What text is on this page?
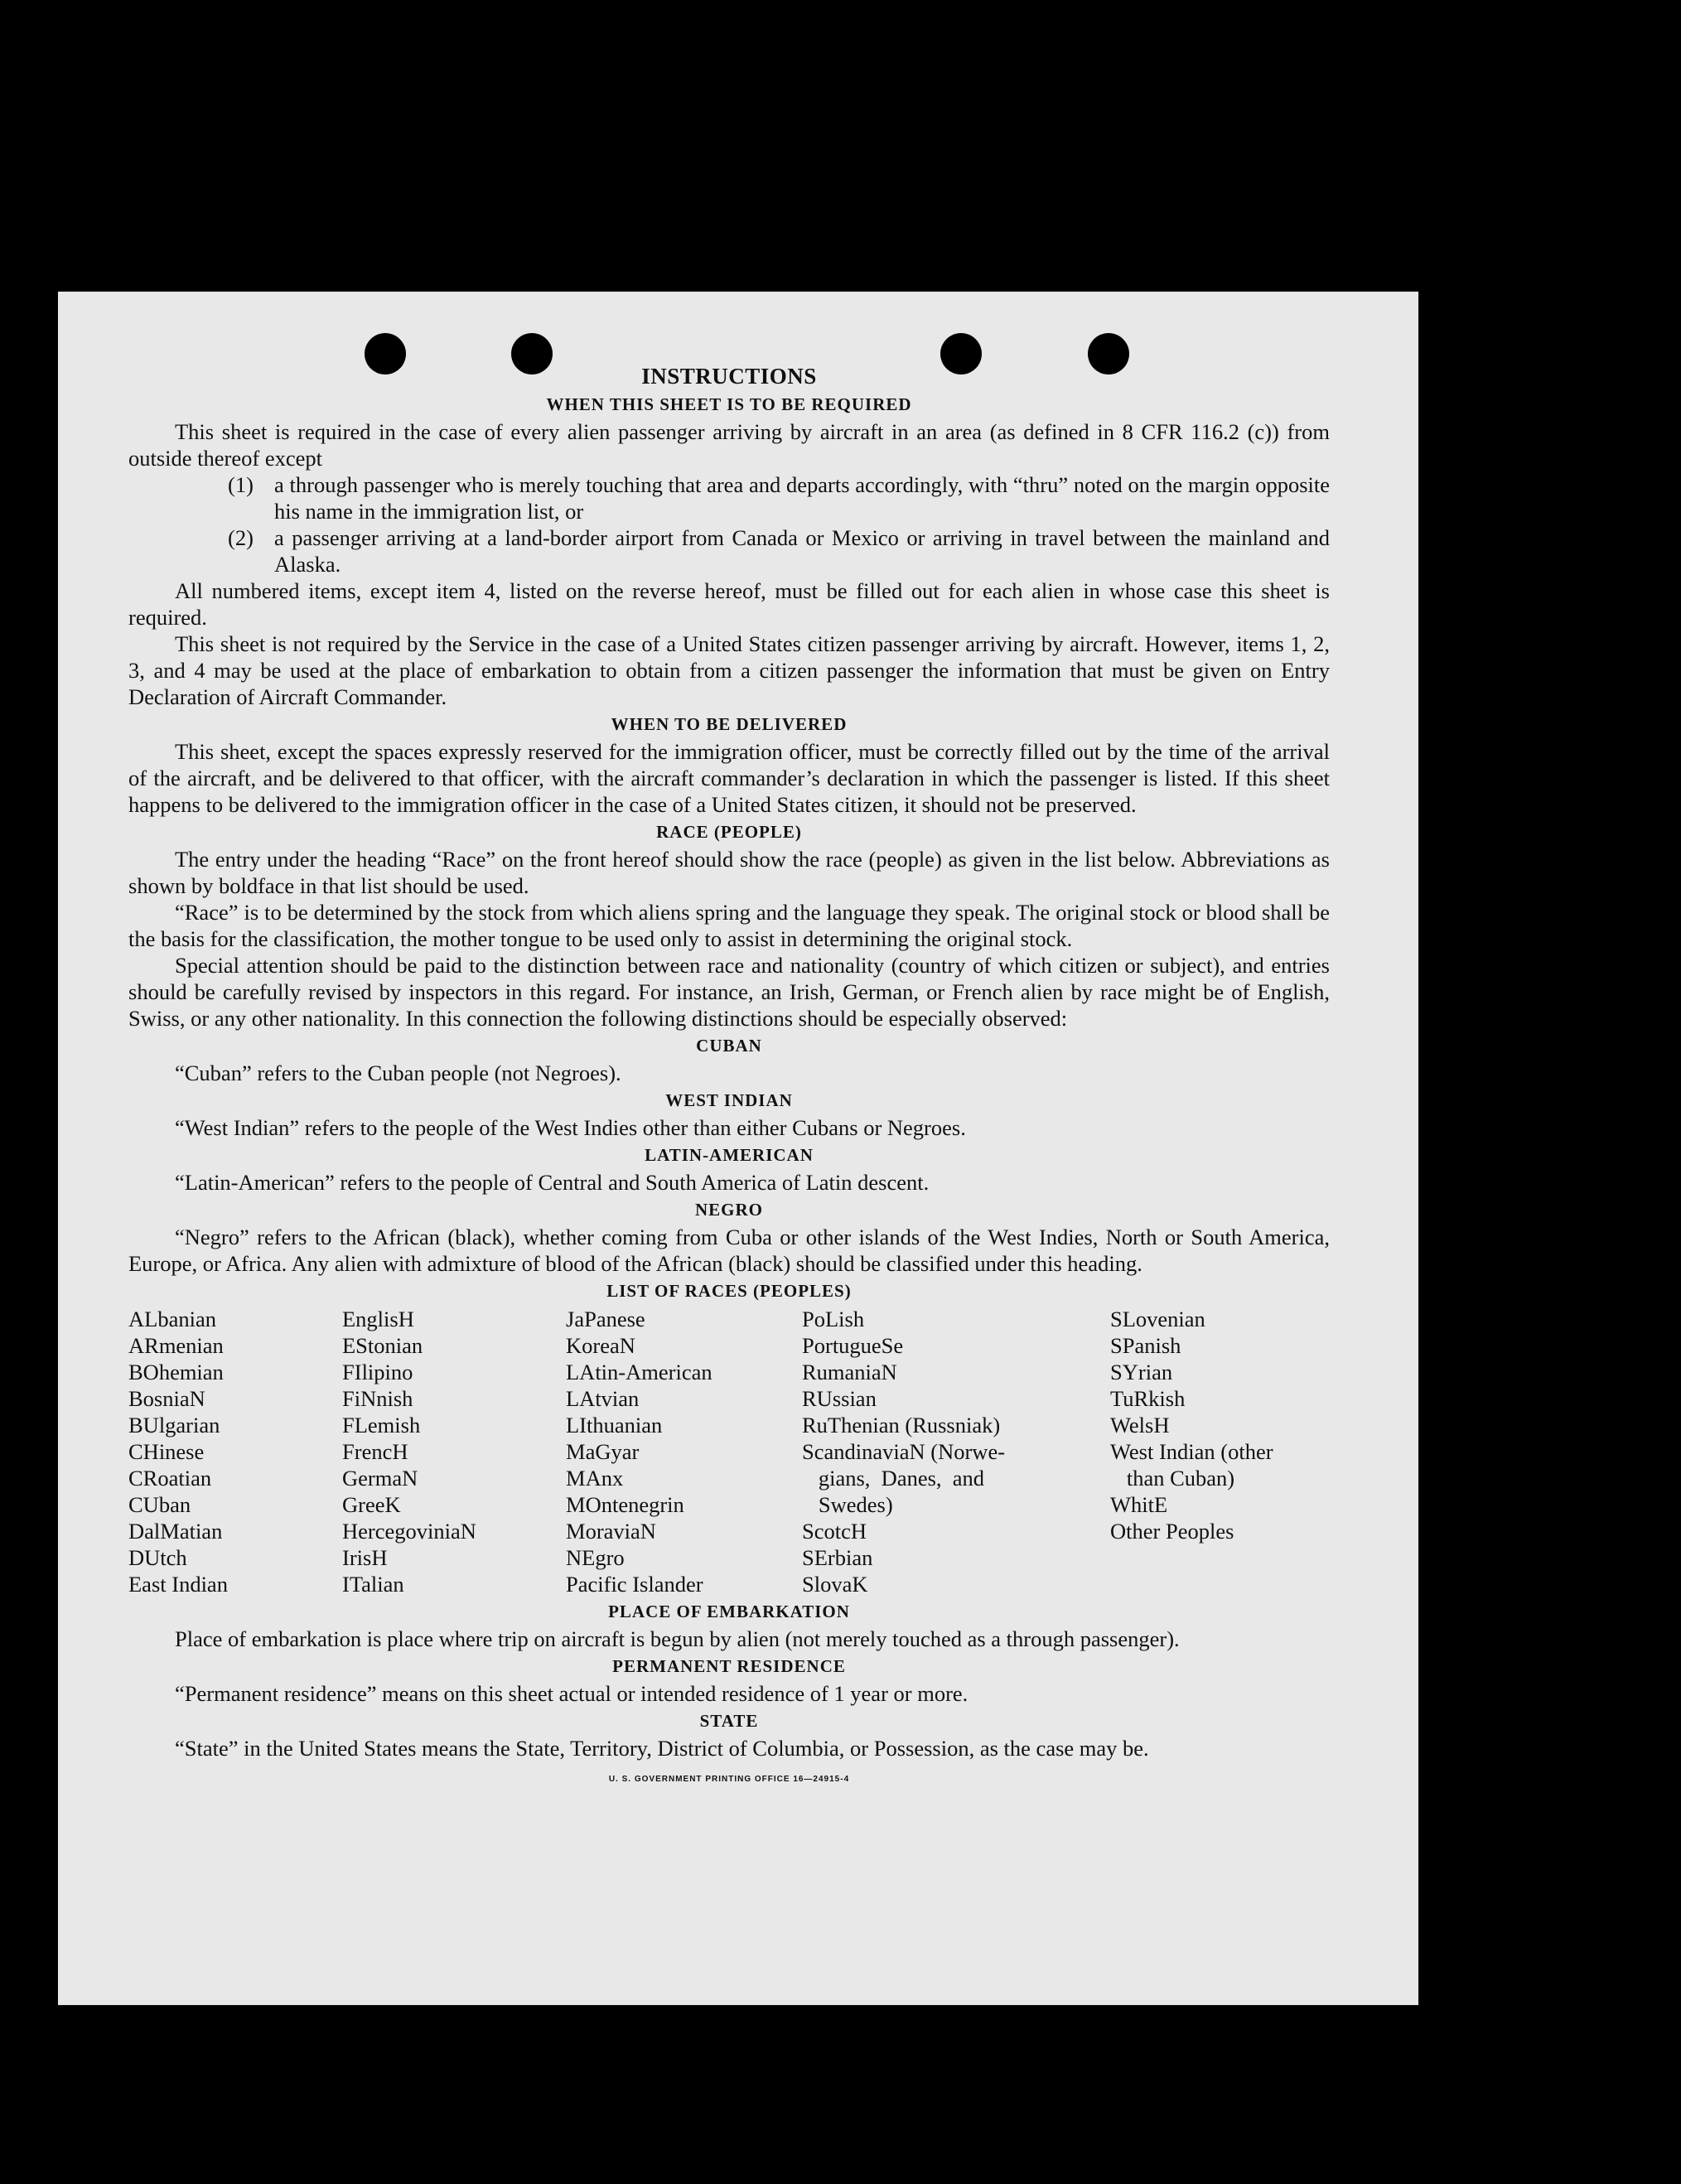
INSTRUCTIONS
WHEN THIS SHEET IS TO BE REQUIRED

This sheet is required in the case of every alien passenger arriving by aircraft in an area (as defined in 8 CFR 116.2 (c)) from outside thereof except

(1) a through passenger who is merely touching that area and departs accordingly, with “thru” noted on the margin opposite his name in the immigration list, or
(2) a passenger arriving at a land-border airport from Canada or Mexico or arriving in travel between the mainland and Alaska.

All numbered items, except item 4, listed on the reverse hereof, must be filled out for each alien in whose case this sheet is required.

This sheet is not required by the Service in the case of a United States citizen passenger arriving by aircraft. However, items 1, 2, 3, and 4 may be used at the place of embarkation to obtain from a citizen passenger the information that must be given on Entry Declaration of Aircraft Commander.

WHEN TO BE DELIVERED

This sheet, except the spaces expressly reserved for the immigration officer, must be correctly filled out by the time of the arrival of the aircraft, and be delivered to that officer, with the aircraft commander’s declaration in which the passenger is listed. If this sheet happens to be delivered to the immigration officer in the case of a United States citizen, it should not be preserved.

RACE (PEOPLE)

The entry under the heading “Race” on the front hereof should show the race (people) as given in the list below. Abbreviations as shown by boldface in that list should be used.

“Race” is to be determined by the stock from which aliens spring and the language they speak. The original stock or blood shall be the basis for the classification, the mother tongue to be used only to assist in determining the original stock.

Special attention should be paid to the distinction between race and nationality (country of which citizen or subject), and entries should be carefully revised by inspectors in this regard. For instance, an Irish, German, or French alien by race might be of English, Swiss, or any other nationality. In this connection the following distinctions should be especially observed:

CUBAN

“Cuban” refers to the Cuban people (not Negroes).

WEST INDIAN

“West Indian” refers to the people of the West Indies other than either Cubans or Negroes.

LATIN-AMERICAN

“Latin-American” refers to the people of Central and South America of Latin descent.

NEGRO

“Negro” refers to the African (black), whether coming from Cuba or other islands of the West Indies, North or South America, Europe, or Africa. Any alien with admixture of blood of the African (black) should be classified under this heading.

LIST OF RACES (PEOPLES)
ALbanian
ARmenian
BOhemian
BosniaN
BUlgarian
CHinese
CRoatian
CUban
DalMatian
DUtch
East Indian
EnglisH
EStonian
FIlipino
FiNnish
FLemish
FrencH
GermaN
GreeK
HercegoviniaN
IrisH
ITalian
JaPanese
KoreaN
LAtin-American
LAtvian
LIthuanian
MaGyar
MAnx
MOntenegrin
MoraviaN
NEgro
Pacific Islander
PoLish
PortugueSe
RumaniaN
RUssian
RuThenian (Russniak)
ScandinaviaN (Norwe-
gians,  Danes,  and
Swedes)
ScotcH
SErbian
SlovaK
SLovenian
SPanish
SYrian
TuRkish
WelsH
West Indian (other
than Cuban)
WhitE
Other Peoples
PLACE OF EMBARKATION

Place of embarkation is place where trip on aircraft is begun by alien (not merely touched as a through passenger).

PERMANENT RESIDENCE

“Permanent residence” means on this sheet actual or intended residence of 1 year or more.

STATE

“State” in the United States means the State, Territory, District of Columbia, or Possession, as the case may be.

U. S. GOVERNMENT PRINTING OFFICE 16—24915-4
